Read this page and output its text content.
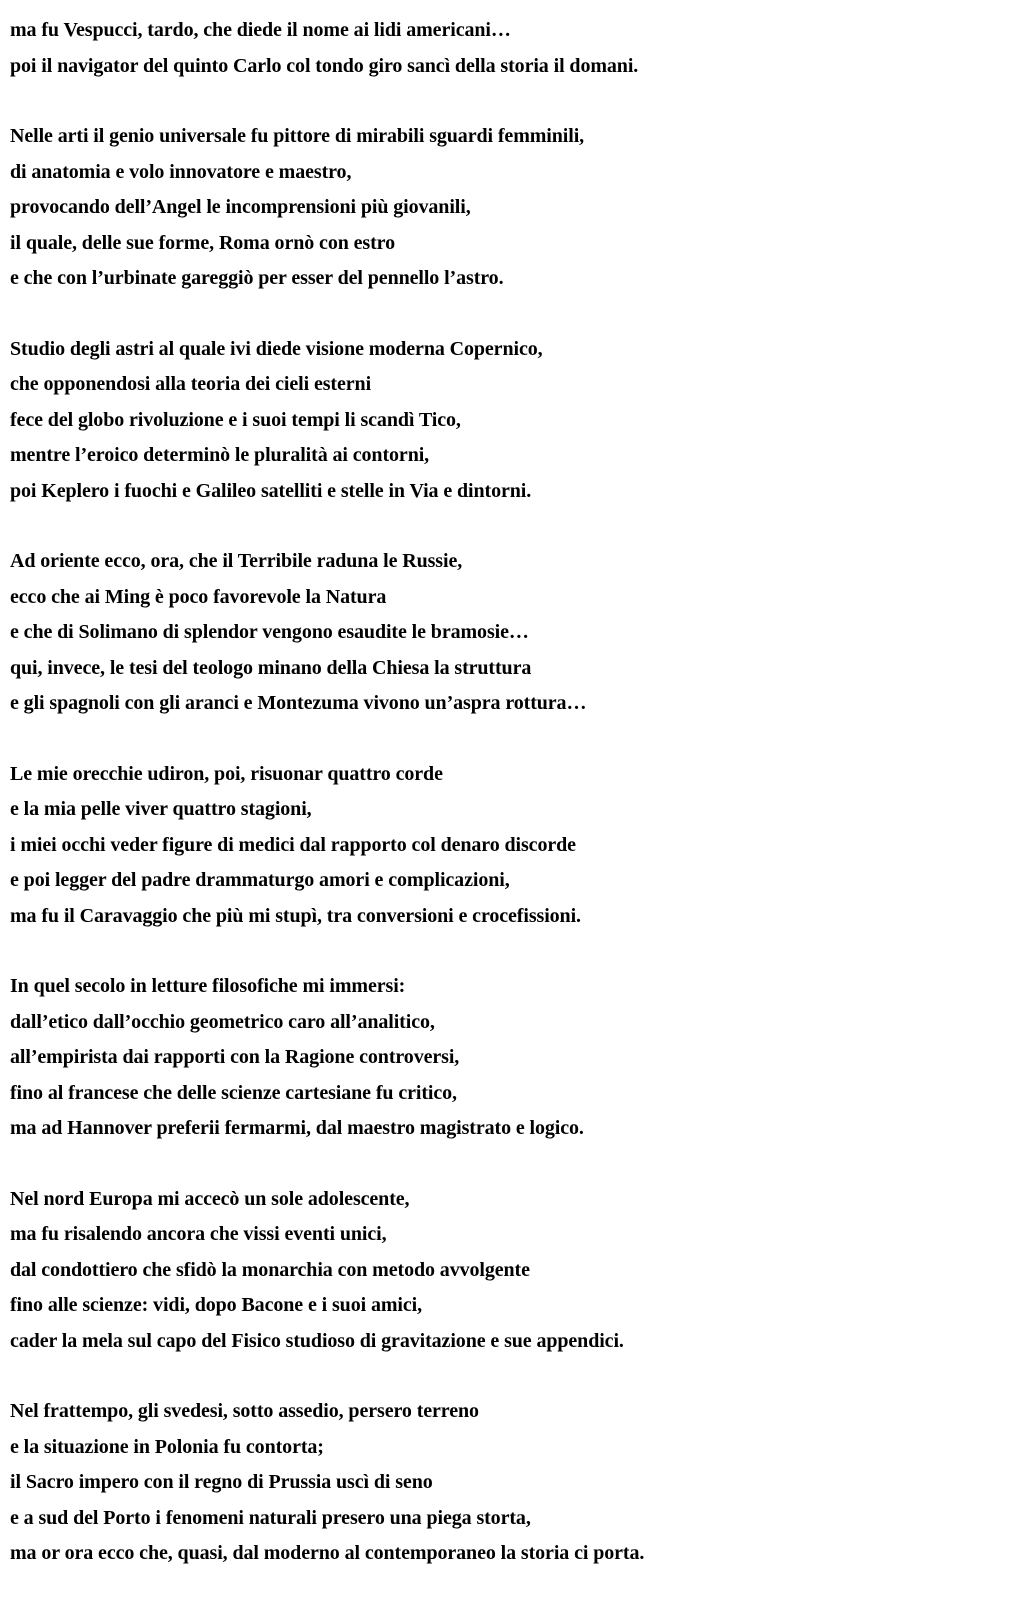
ma fu Vespucci, tardo, che diede il nome ai lidi americani…
poi il navigator del quinto Carlo col tondo giro sancì della storia il domani.
Nelle arti il genio universale fu pittore di mirabili sguardi femminili,
di anatomia e volo innovatore e maestro,
provocando dell’Angel le incomprensioni più giovanili,
il quale, delle sue forme, Roma ornò con estro
e che con l’urbinate gareggiò per esser del pennello l’astro.
Studio degli astri al quale ivi diede visione moderna Copernico,
che opponendosi alla teoria dei cieli esterni
fece del globo rivoluzione e i suoi tempi li scandì Tico,
mentre l’eroico determinò le pluralità ai contorni,
poi Keplero i fuochi e Galileo satelliti e stelle in Via e dintorni.
Ad oriente ecco, ora, che il Terribile raduna le Russie,
ecco che ai Ming è poco favorevole la Natura
e che di Solimano di splendor vengono esaudite le bramosie…
qui, invece, le tesi del teologo minano della Chiesa la struttura
e gli spagnoli con gli aranci e Montezuma vivono un’aspra rottura…
Le mie orecchie udiron, poi, risuonar quattro corde
e la mia pelle viver quattro stagioni,
i miei occhi veder figure di medici dal rapporto col denaro discorde
e poi legger del padre drammaturgo amori e complicazioni,
ma fu il Caravaggio che più mi stupì, tra conversioni e crocefissioni.
In quel secolo in letture filosofiche mi immersi:
dall’etico dall’occhio geometrico caro all’analitico,
all’empirista dai rapporti con la Ragione controversi,
fino al francese che delle scienze cartesiane fu critico,
ma ad Hannover preferii fermarmi, dal maestro magistrato e logico.
Nel nord Europa mi accecò un sole adolescente,
ma fu risalendo ancora che vissi eventi unici,
dal condottiero che sfidò la monarchia con metodo avvolgente
fino alle scienze: vidi, dopo Bacone e i suoi amici,
cader la mela sul capo del Fisico studioso di gravitazione e sue appendici.
Nel frattempo, gli svedesi, sotto assedio, persero terreno
e la situazione in Polonia fu contorta;
il Sacro impero con il regno di Prussia uscì di seno
e a sud del Porto i fenomeni naturali presero una piega storta,
ma or ora ecco che, quasi, dal moderno al contemporaneo la storia ci porta.
